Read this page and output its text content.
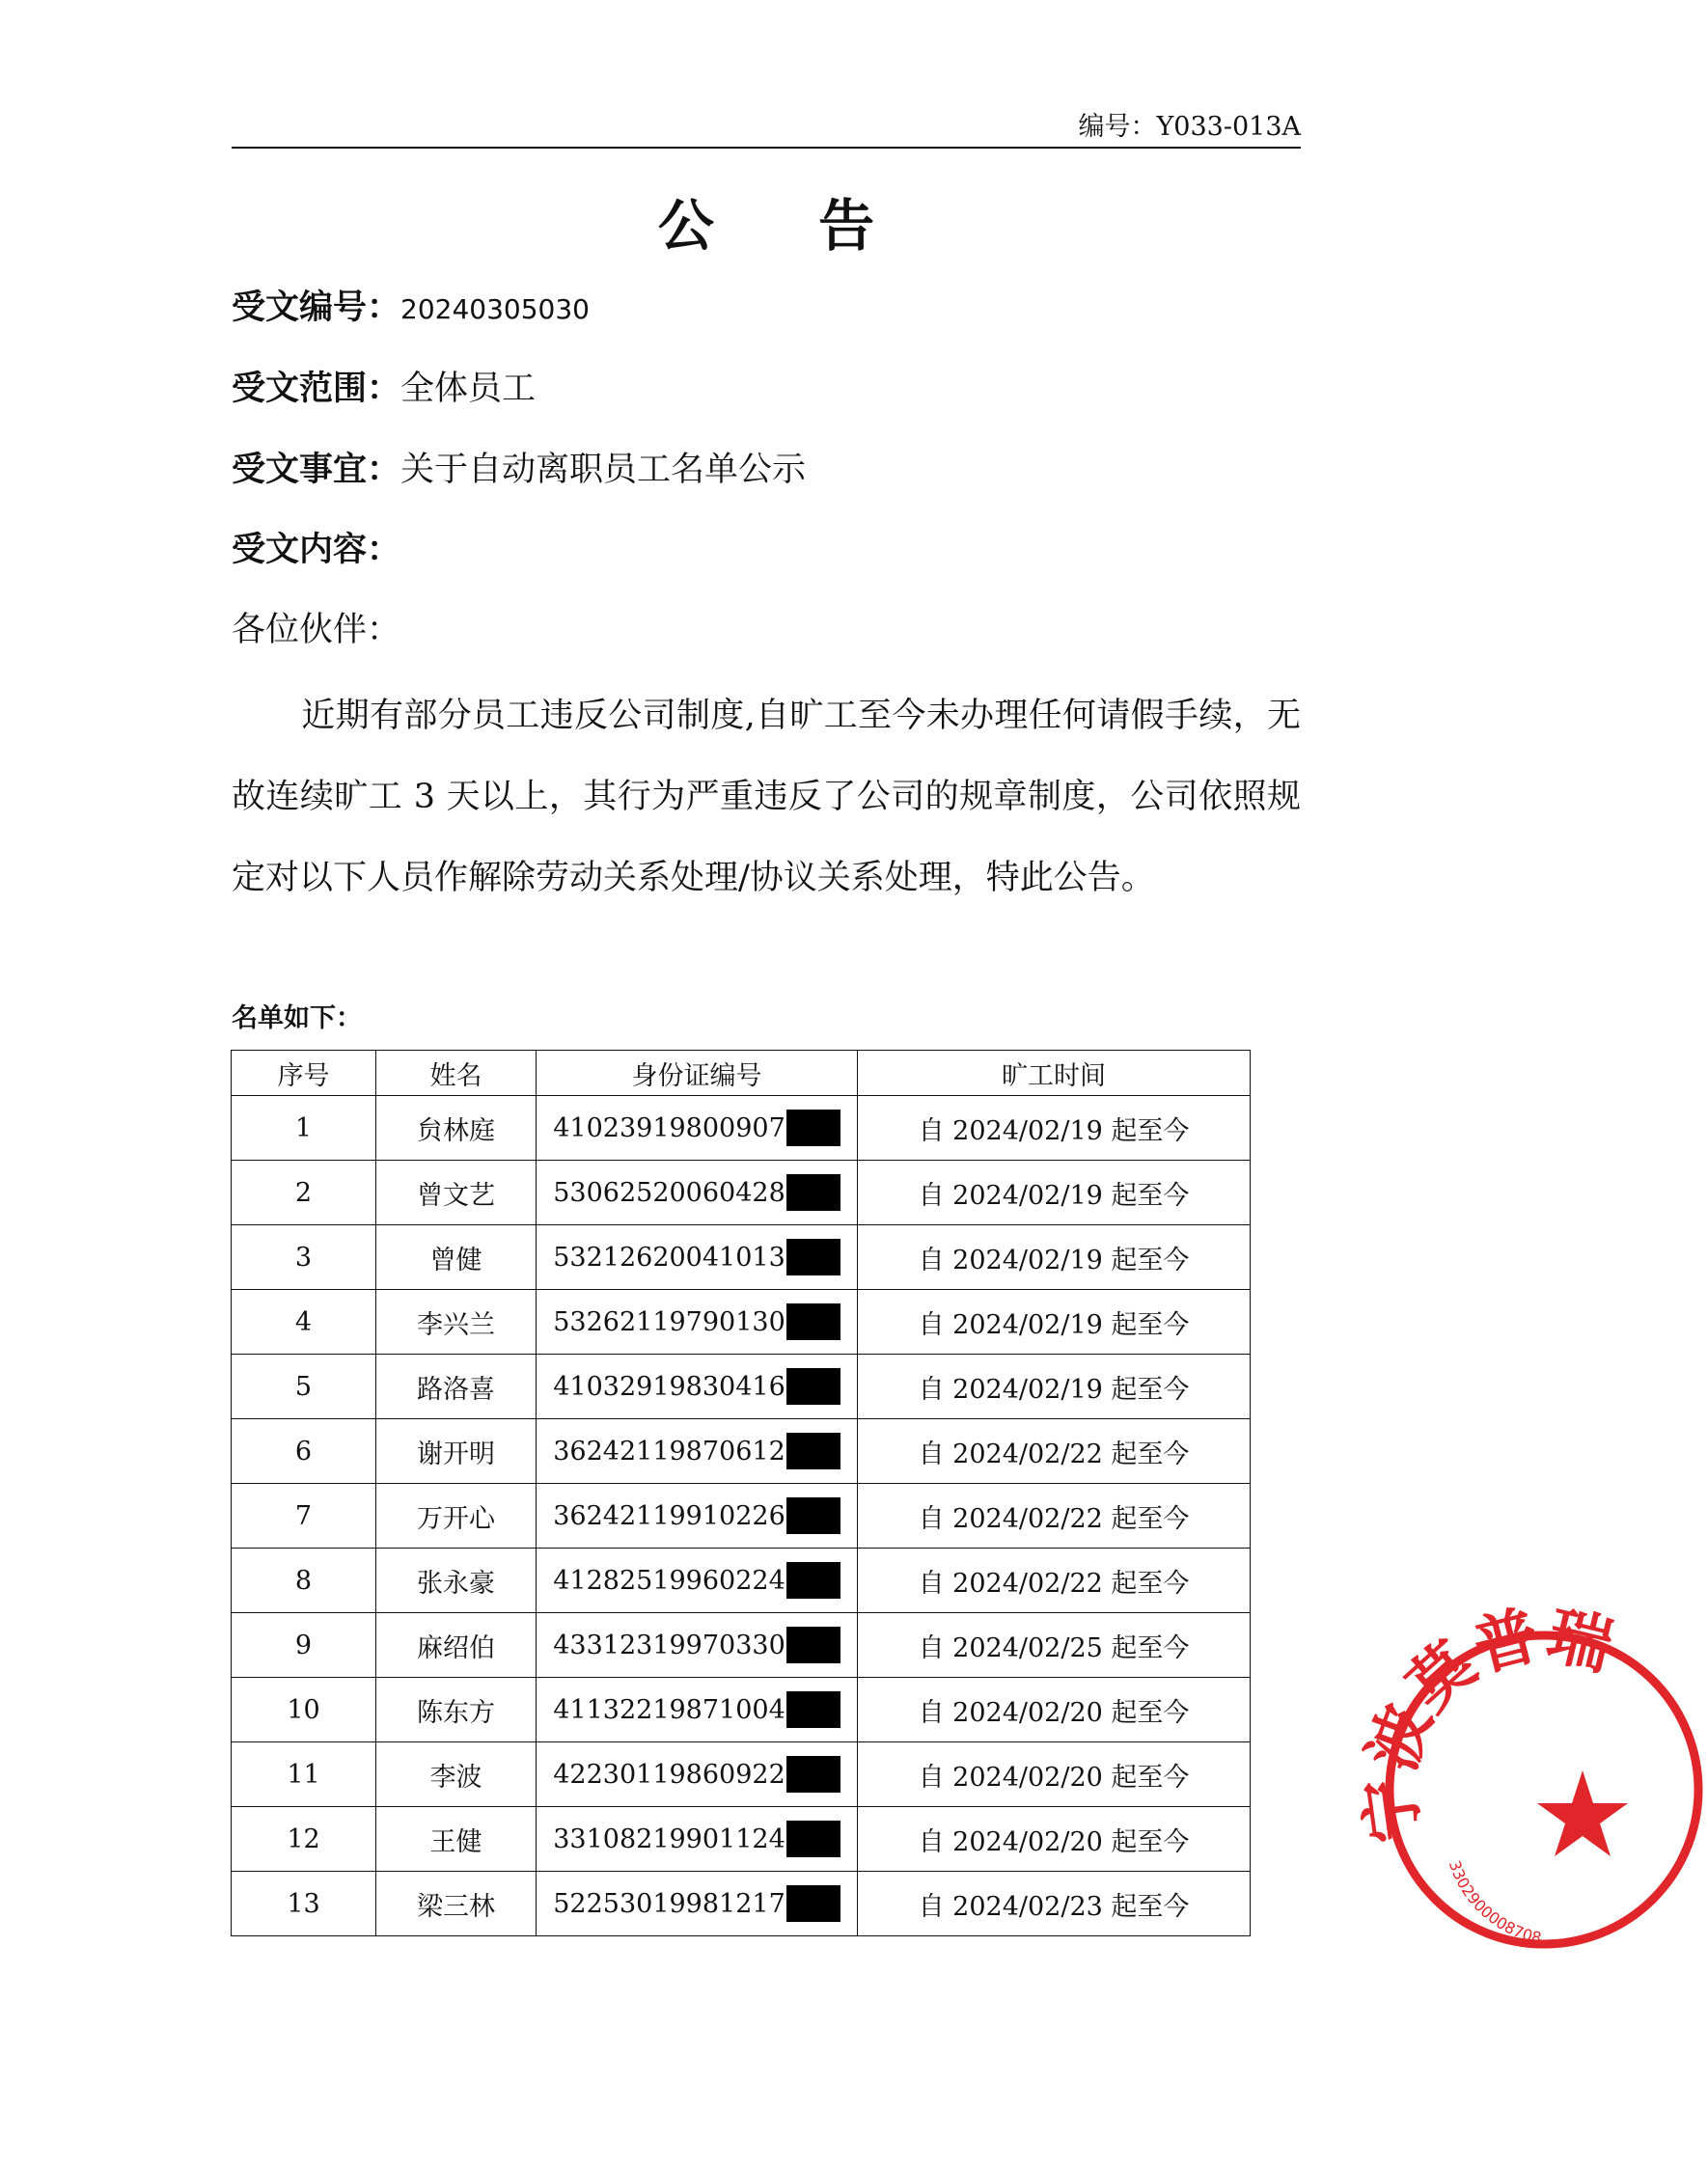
编号：Y033-013A
公 告
受文编号：20240305030
受文范围：全体员工
受文事宜：关于自动离职员工名单公示
受文内容：
各位伙伴：

近期有部分员工违反公司制度,自旷工至今未办理任何请假手续，无故连续旷工 3 天以上，其行为严重违反了公司的规章制度，公司依照规定对以下人员作解除劳动关系处理/协议关系处理，特此公告。

名单如下：
序号	姓名	身份证编号	旷工时间
1	贠林庭	41023919800907	自 2024/02/19 起至今
2	曾文艺	53062520060428	自 2024/02/19 起至今
3	曾健	53212620041013	自 2024/02/19 起至今
4	李兴兰	53262119790130	自 2024/02/19 起至今
5	路洛喜	41032919830416	自 2024/02/19 起至今
6	谢开明	36242119870612	自 2024/02/22 起至今
7	万开心	36242119910226	自 2024/02/22 起至今
8	张永豪	41282519960224	自 2024/02/22 起至今
9	麻绍伯	43312319970330	自 2024/02/25 起至今
10	陈东方	41132219871004	自 2024/02/20 起至今
11	李波	42230119860922	自 2024/02/20 起至今
12	王健	33108219901124	自 2024/02/20 起至今
13	梁三林	52253019981217	自 2024/02/23 起至今
宁波莫普瑞
3302900008708
